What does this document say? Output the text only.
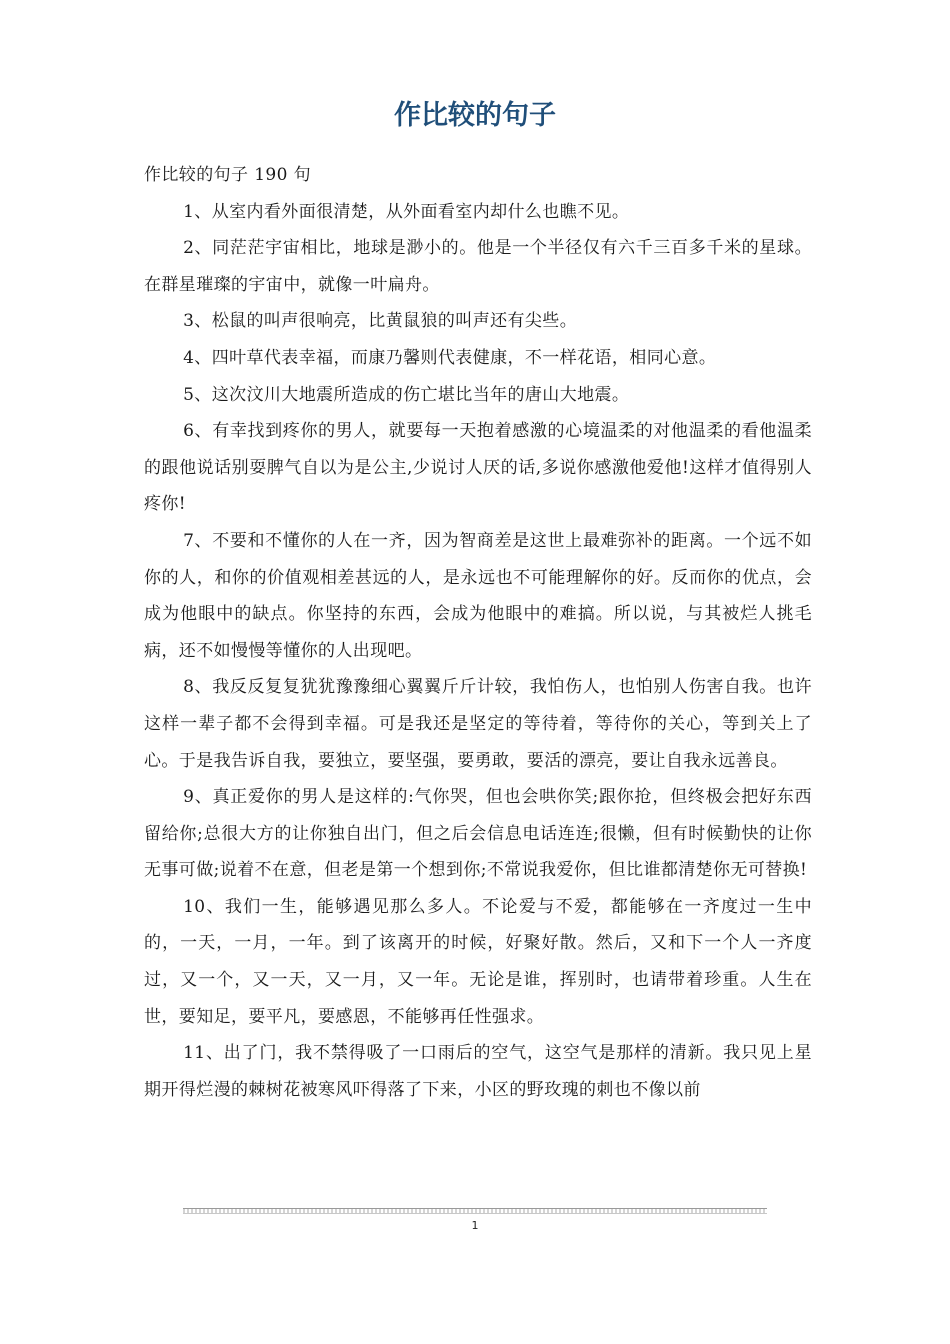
作比较的句子

作比较的句子 190 句

1、从室内看外面很清楚，从外面看室内却什么也瞧不见。

2、同茫茫宇宙相比，地球是渺小的。他是一个半径仅有六千三百多千米的星球。在群星璀璨的宇宙中，就像一叶扁舟。

3、松鼠的叫声很响亮，比黄鼠狼的叫声还有尖些。

4、四叶草代表幸福，而康乃馨则代表健康，不一样花语，相同心意。

5、这次汶川大地震所造成的伤亡堪比当年的唐山大地震。

6、有幸找到疼你的男人，就要每一天抱着感激的心境温柔的对他温柔的看他温柔的跟他说话别耍脾气自以为是公主,少说讨人厌的话,多说你感激他爱他!这样才值得别人疼你!

7、不要和不懂你的人在一齐，因为智商差是这世上最难弥补的距离。一个远不如你的人，和你的价值观相差甚远的人，是永远也不可能理解你的好。反而你的优点，会成为他眼中的缺点。你坚持的东西，会成为他眼中的难搞。所以说，与其被烂人挑毛病，还不如慢慢等懂你的人出现吧。

8、我反反复复犹犹豫豫细心翼翼斤斤计较，我怕伤人，也怕别人伤害自我。也许这样一辈子都不会得到幸福。可是我还是坚定的等待着，等待你的关心，等到关上了心。于是我告诉自我，要独立，要坚强，要勇敢，要活的漂亮，要让自我永远善良。

9、真正爱你的男人是这样的:气你哭，但也会哄你笑;跟你抢，但终极会把好东西留给你;总很大方的让你独自出门，但之后会信息电话连连;很懒，但有时候勤快的让你无事可做;说着不在意，但老是第一个想到你;不常说我爱你，但比谁都清楚你无可替换!

10、我们一生，能够遇见那么多人。不论爱与不爱，都能够在一齐度过一生中的，一天，一月，一年。到了该离开的时候，好聚好散。然后，又和下一个人一齐度过，又一个，又一天，又一月，又一年。无论是谁，挥别时，也请带着珍重。人生在世，要知足，要平凡，要感恩，不能够再任性强求。

11、出了门，我不禁得吸了一口雨后的空气，这空气是那样的清新。我只见上星期开得烂漫的棘树花被寒风吓得落了下来，小区的野玫瑰的刺也不像以前

1
